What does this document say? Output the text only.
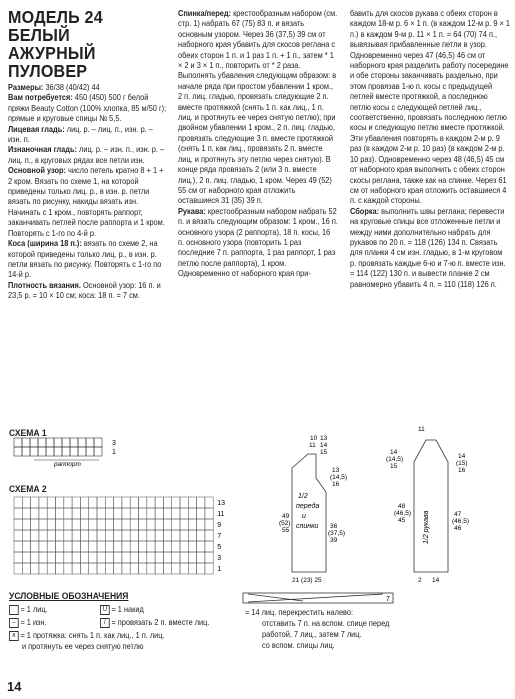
МОДЕЛЬ 24
БЕЛЫЙ АЖУРНЫЙ
ПУЛОВЕР
Размеры: 36/38 (40/42) 44
Вам потребуется: 450 (450) 500 г белой пряжи Beauty Cotton (100% хлопка, 85 м/50 г); прямые и круговые спицы № 5,5.
Лицевая гладь: лиц. р. – лиц. п., изн. р. – изн. п.
Изнаночная гладь: лиц. р. – изн. п., изн. р. – лиц. п., в круговых рядах все петли изн.
Основной узор: число петель кратно 8 + 1 + 2 кром. Вязать по схеме 1, на которой приведены только лиц. р., в изн. р. петли вязать по рисунку, накиды вязать изн. Начинать с 1 кром., повторять раппорт, заканчивать петлей после раппорта и 1 кром. Повторять с 1-го по 4-й р.
Коса (ширина 18 п.): вязать по схеме 2, на которой приведены только лиц. р., в изн. р. петли вязать по рисунку. Повторять с 1-го по 14-й р.
Плотность вязания. Основной узор: 16 п. и 23,5 р. = 10 × 10 см; коса: 18 п. = 7 см.
Спинка/перед: крестообразным набором (см. стр. 1) набрать 67 (75) 83 п. и вязать основным узором. Через 36 (37,5) 39 см от наборного края убавить для скосов реглана с обеих сторон 1 п. и 1 раз 1 п. + 1 п., затем * 1 × 2 и 3 × 1 п., повторить от * 2 раза. Выполнять убавления следующим образом: в начале ряда при простом убавлении 1 кром., 2 п. лиц. гладью, провязать следующие 2 п. вместе протяжкой (снять 1 п. как лиц., 1 п. лиц. и протянуть ее через снятую петлю); при двойном убавлении 1 кром., 2 п. лиц. гладью, провязать следующие 3 п. вместе протяжкой (снять 1 п. как лиц., провязать 2 п. вместе лиц. и протянуть эту петлю через снятую). В конце ряда провязать 2 (или 3 п. вместе лиц.), 2 п. лиц. гладью, 1 кром. Через 49 (52) 55 см от наборного края отложить оставшиеся 31 (35) 39 п.
Рукава: крестообразным набором набрать 52 п. и вязать следующим образом: 1 кром., 16 п. основного узора (2 раппорта), 18 п. косы, 16 п. основного узора (повторить 1 раз последние 7 п. раппорта, 1 раз раппорт, 1 раз петлю после раппорта), 1 кром. Одновременно от наборного края при-
бавить для скосов рукава с обеих сторон в каждом 18-м р. 6 × 1 п. (в каждом 12-м р. 9 × 1 п.) в каждом 9-м р. 11 × 1 п. = 64 (70) 74 п., вывязывая прибавленные петли в узор. Одновременно через 47 (46,5) 46 см от наборного края разделить работу посередине и обе стороны заканчивать раздельно, при этом провязав 1-ю п. косы с предыдущей петлей вместе протяжкой, а последнюю петлю косы с следующей петлей лиц., соответственно, провязать последнюю петлю косы и следующую петлю вместе протяжкой. Эти убавления повторять в каждом 2-м р. 9 раз (в каждом 2-м р. 10 раз) (в каждом 2-м р. 10 раз). Одновременно через 48 (46,5) 45 см от наборного края выполнить с обеих сторон скосы реглана, также как на спинке. Через 61 см от наборного края отложить оставшиеся 4 п. с каждой стороны.
Сборка: выполнить швы реглана; перевести на круговые спицы все отложенные петли и между ними дополнительно набрать для рукавов по 20 п. = 118 (126) 134 п. Связать для планки 4 см изн. гладью, в 1-м круговом р. провязать каждые 6-ю и 7-ю п. вместе изн. = 114 (122) 130 п. и вывести планке 2 см равномерно убавить 4 п. = 110 (118) 126 п.
СХЕМА 1
3
1
раппорт
СХЕМА 2
13
11
9
7
5
3
1
1/2
переда
и
спинки
10
11
13
14
15
49
(52)
55
36
(37,5)
39
13
(14,5)
16
21 (23) 25
1/2 рукава
11
14
(14,5)
15
48
(46,5)
45
47
(46,5)
46
14
(15)
16
14
2
УСЛОВНЫЕ ОБОЗНАЧЕНИЯ
= 1 лиц.
– = 1 изн.
∧ = 1 протяжка: снять 1 п. как лиц., 1 п. лиц.
и протянуть ее через снятую петлю
U = 1 накид
/ = провязать 2 п. вместе лиц.
7
= 14 лиц. перекрестить налево:
отставить 7 п. на вспом. спице перед
работой, 7 лиц., затем 7 лиц.
со вспом. спицы лиц.
14
